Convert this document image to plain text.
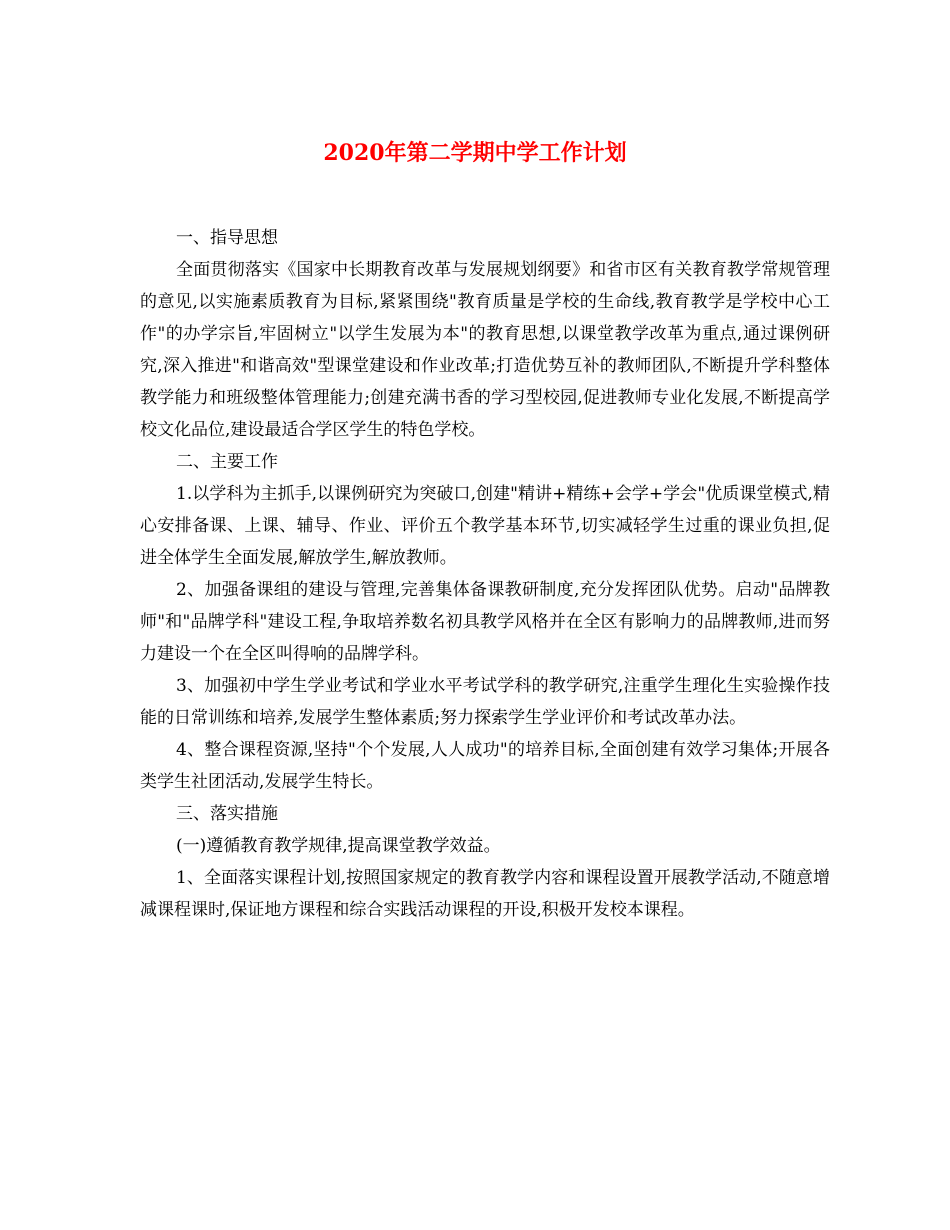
2020年第二学期中学工作计划

一、指导思想

全面贯彻落实《国家中长期教育改革与发展规划纲要》和省市区有关教育教学常规管理的意见,以实施素质教育为目标,紧紧围绕"教育质量是学校的生命线,教育教学是学校中心工作"的办学宗旨,牢固树立"以学生发展为本"的教育思想,以课堂教学改革为重点,通过课例研究,深入推进"和谐高效"型课堂建设和作业改革;打造优势互补的教师团队,不断提升学科整体教学能力和班级整体管理能力;创建充满书香的学习型校园,促进教师专业化发展,不断提高学校文化品位,建设最适合学区学生的特色学校。

二、主要工作

1.以学科为主抓手,以课例研究为突破口,创建"精讲+精练+会学+学会"优质课堂模式,精心安排备课、上课、辅导、作业、评价五个教学基本环节,切实减轻学生过重的课业负担,促进全体学生全面发展,解放学生,解放教师。

2、加强备课组的建设与管理,完善集体备课教研制度,充分发挥团队优势。启动"品牌教师"和"品牌学科"建设工程,争取培养数名初具教学风格并在全区有影响力的品牌教师,进而努力建设一个在全区叫得响的品牌学科。

3、加强初中学生学业考试和学业水平考试学科的教学研究,注重学生理化生实验操作技能的日常训练和培养,发展学生整体素质;努力探索学生学业评价和考试改革办法。

4、整合课程资源,坚持"个个发展,人人成功"的培养目标,全面创建有效学习集体;开展各类学生社团活动,发展学生特长。

三、落实措施

(一)遵循教育教学规律,提高课堂教学效益。

1、全面落实课程计划,按照国家规定的教育教学内容和课程设置开展教学活动,不随意增减课程课时,保证地方课程和综合实践活动课程的开设,积极开发校本课程。
